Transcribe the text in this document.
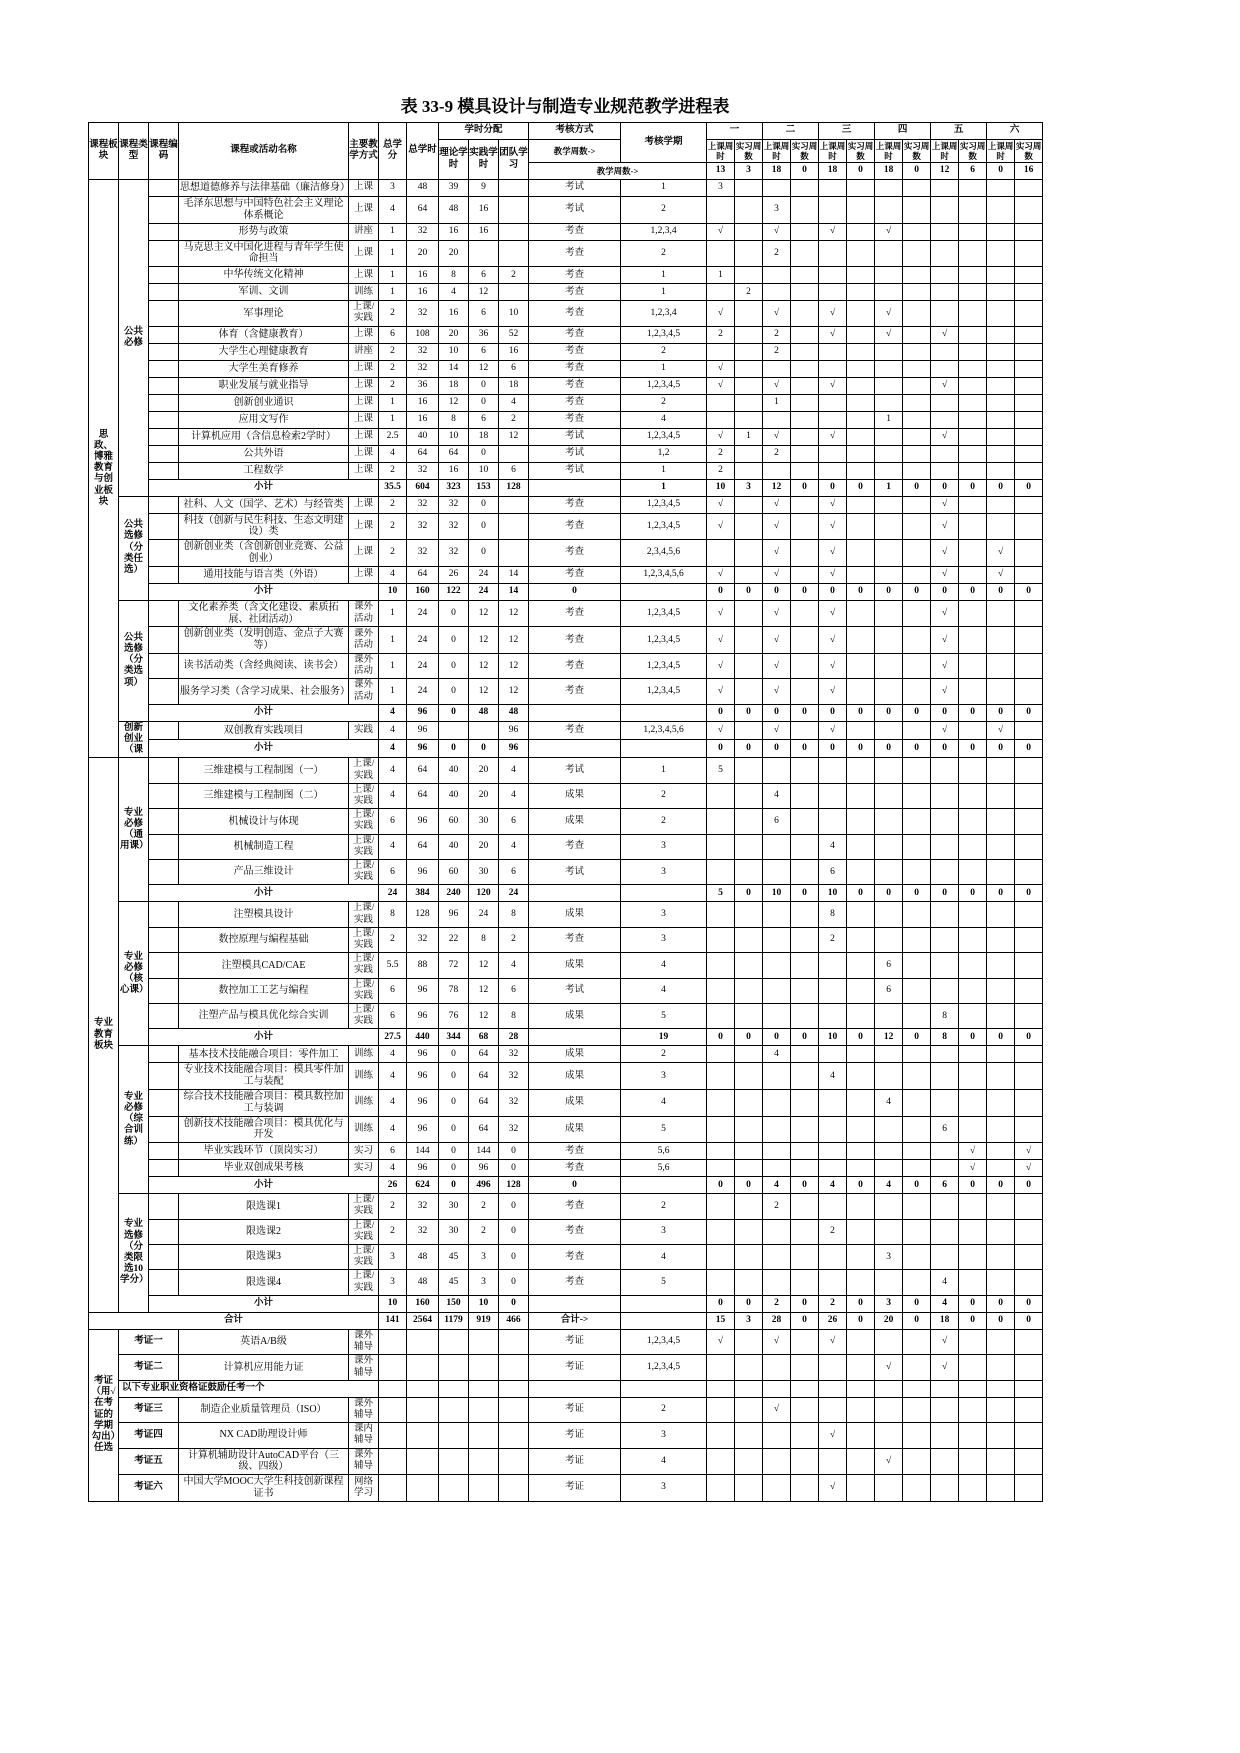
表 33-9 模具设计与制造专业规范教学进程表
课程板块	课程类型	课程编码	课程或活动名称	主要教学方式	总学分	总学时	学时分配			考核方式	考核学期	一		二		三		四		五		六	
							理论学时	实践学时	团队学习	教学周数->		上课周时	实习周数	上课周时	实习周数	上课周时	实习周数	上课周时	实习周数	上课周时	实习周数	上课周时	实习周数
										教学周数->		13	3	18	0	18	0	18	0	12	6	0	16
思政、博雅教育与创业板块	公共必修		思想道德修养与法律基础（廉洁修身）	上课	3	48	39	9		考试	1	3											
			毛泽东思想与中国特色社会主义理论体系概论	上课	4	64	48	16		考试	2			3									
			形势与政策	讲座	1	32	16	16		考查	1,2,3,4	√		√		√		√					
			马克思主义中国化进程与青年学生使命担当	上课	1	20	20			考查	2			2									
			中华传统文化精神	上课	1	16	8	6	2	考查	1	1											
			军训、文训	训练	1	16	4	12		考查	1		2										
			军事理论	上课/实践	2	32	16	6	10	考查	1,2,3,4	√		√		√		√					
			体育（含健康教育）	上课	6	108	20	36	52	考查	1,2,3,4,5	2		2		√		√		√			
			大学生心理健康教育	讲座	2	32	10	6	16	考查	2			2									
			大学生美育修养	上课	2	32	14	12	6	考查	1	√											
			职业发展与就业指导	上课	2	36	18	0	18	考查	1,2,3,4,5	√		√		√				√			
			创新创业通识	上课	1	16	12	0	4	考查	2			1									
			应用文写作	上课	1	16	8	6	2	考查	4							1					
			计算机应用（含信息检索2学时）	上课	2.5	40	10	18	12	考试	1,2,3,4,5	√	1	√		√				√			
			公共外语	上课	4	64	64	0		考试	1,2	2		2									
			工程数学	上课	2	32	16	10	6	考试	1	2											
		小计			35.5	604	323	153	128		1	10	3	12	0	0	0	1	0	0	0	0	0
	公共选修（分类任选）		社科、人文（国学、艺术）与经管类	上课	2	32	32	0		考查	1,2,3,4,5	√		√		√				√			
			科技（创新与民生科技、生态文明建设）类	上课	2	32	32	0		考查	1,2,3,4,5	√		√		√				√			
			创新创业类（含创新创业竞赛、公益创业）	上课	2	32	32	0		考查	2,3,4,5,6			√		√				√		√	
			通用技能与语言类（外语）	上课	4	64	26	24	14	考查	1,2,3,4,5,6	√		√		√				√		√	
		小计			10	160	122	24	14	0		0	0	0	0	0	0	0	0	0	0	0	0
	公共选修（分类选项）		文化素养类（含文化建设、素质拓展、社团活动）	课外活动	1	24	0	12	12	考查	1,2,3,4,5	√		√		√				√			
			创新创业类（发明创造、金点子大赛等）	课外活动	1	24	0	12	12	考查	1,2,3,4,5	√		√		√				√			
			读书活动类（含经典阅读、读书会）	课外活动	1	24	0	12	12	考查	1,2,3,4,5	√		√		√				√			
			服务学习类（含学习成果、社会服务）	课外活动	1	24	0	12	12	考查	1,2,3,4,5	√		√		√				√			
		小计			4	96	0	48	48			0	0	0	0	0	0	0	0	0	0	0	0
	创新创业（课		双创教育实践项目	实践	4	96			96	考查	1,2,3,4,5,6	√		√		√				√		√	
		小计			4	96	0	0	96			0	0	0	0	0	0	0	0	0	0	0	0
专业教育板块	专业必修（通用课）		三维建模与工程制图（一）	上课/实践	4	64	40	20	4	考试	1	5											
			三维建模与工程制图（二）	上课/实践	4	64	40	20	4	成果	2			4									
			机械设计与体现	上课/实践	6	96	60	30	6	成果	2			6									
			机械制造工程	上课/实践	4	64	40	20	4	考查	3					4							
			产品三维设计	上课/实践	6	96	60	30	6	考试	3					6							
		小计			24	384	240	120	24			5	0	10	0	10	0	0	0	0	0	0	0
	专业必修（核心课）		注塑模具设计	上课/实践	8	128	96	24	8	成果	3					8							
			数控原理与编程基础	上课/实践	2	32	22	8	2	考查	3					2							
			注塑模具CAD/CAE	上课/实践	5.5	88	72	12	4	成果	4							6					
			数控加工工艺与编程	上课/实践	6	96	78	12	6	考试	4							6					
			注塑产品与模具优化综合实训	上课/实践	6	96	76	12	8	成果	5									8			
		小计			27.5	440	344	68	28		19	0	0	0	0	10	0	12	0	8	0	0	0
	专业必修（综合训练）		基本技术技能融合项目：零件加工	训练	4	96	0	64	32	成果	2			4									
			专业技术技能融合项目：模具零件加工与装配	训练	4	96	0	64	32	成果	3					4							
			综合技术技能融合项目：模具数控加工与装调	训练	4	96	0	64	32	成果	4							4					
			创新技术技能融合项目：模具优化与开发	训练	4	96	0	64	32	成果	5									6			
			毕业实践环节（顶岗实习）	实习	6	144	0	144	0	考查	5,6										√		√
			毕业双创成果考核	实习	4	96	0	96	0	考查	5,6										√		√
		小计			26	624	0	496	128	0		0	0	4	0	4	0	4	0	6	0	0	0
	专业选修（分类限选10学分）		限选课1	上课/实践	2	32	30	2	0	考查	2			2									
			限选课2	上课/实践	2	32	30	2	0	考查	3					2							
			限选课3	上课/实践	3	48	45	3	0	考查	4							3					
			限选课4	上课/实践	3	48	45	3	0	考查	5									4			
		小计			10	160	150	10	0			0	0	2	0	2	0	3	0	4	0	0	0
合计					141	2564	1179	919	466	合计->		15	3	28	0	26	0	20	0	18	0	0	0
考证（用√在考证的学期勾出）任选	考证一		英语A/B级	课外辅导						考证	1,2,3,4,5	√		√		√				√			
	考证二		计算机应用能力证	课外辅导						考证	1,2,3,4,5							√		√			
	以下专业职业资格证鼓励任考一个																						
	考证三		制造企业质量管理员（ISO）	课外辅导						考证	2			√									
	考证四		NX CAD助理设计师	课内辅导						考证	3					√							
	考证五		计算机辅助设计AutoCAD平台（三级、四级）	课外辅导						考证	4							√					
	考证六		中国大学MOOC大学生科技创新课程证书	网络学习						考证	3					√							
